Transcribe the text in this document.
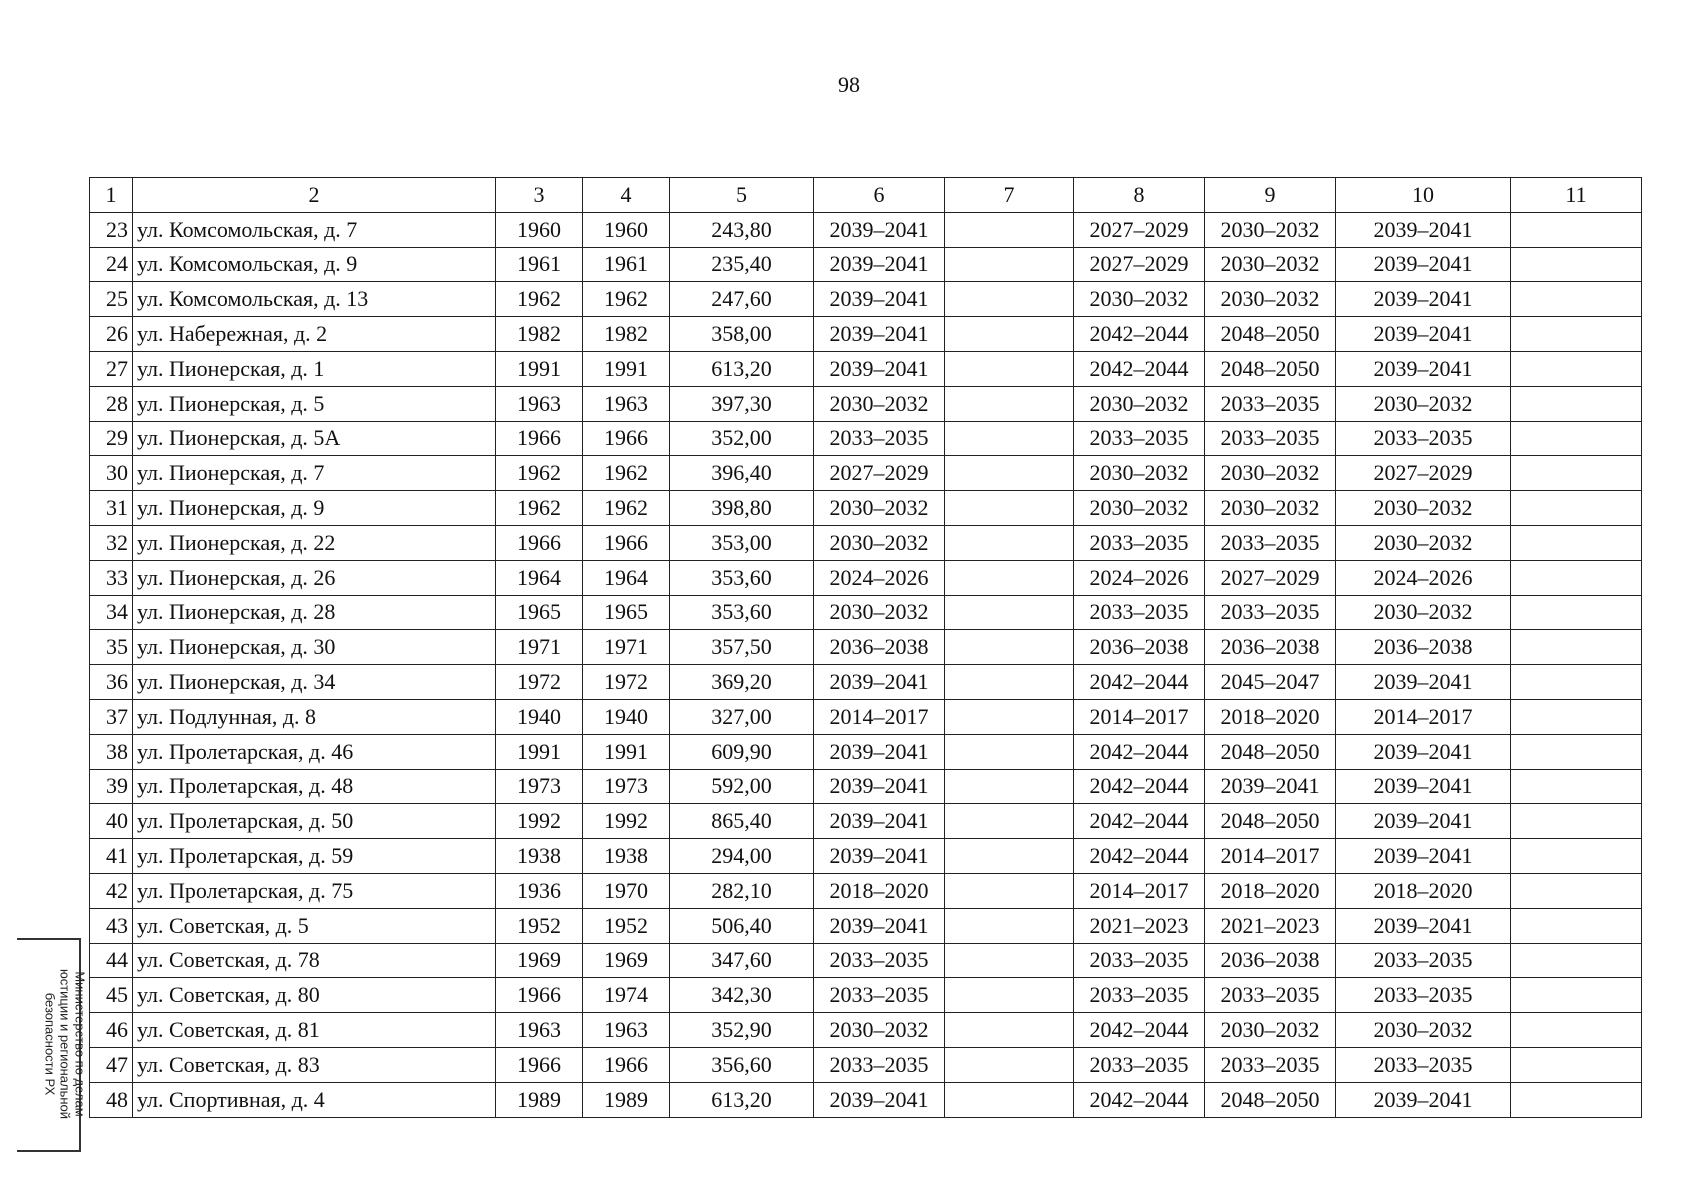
98
1	2	3	4	5	6	7	8	9	10	11
23	ул. Комсомольская, д. 7	1960	1960	243,80	2039–2041		2027–2029	2030–2032	2039–2041	
24	ул. Комсомольская, д. 9	1961	1961	235,40	2039–2041		2027–2029	2030–2032	2039–2041	
25	ул. Комсомольская, д. 13	1962	1962	247,60	2039–2041		2030–2032	2030–2032	2039–2041	
26	ул. Набережная, д. 2	1982	1982	358,00	2039–2041		2042–2044	2048–2050	2039–2041	
27	ул. Пионерская, д. 1	1991	1991	613,20	2039–2041		2042–2044	2048–2050	2039–2041	
28	ул. Пионерская, д. 5	1963	1963	397,30	2030–2032		2030–2032	2033–2035	2030–2032	
29	ул. Пионерская, д. 5А	1966	1966	352,00	2033–2035		2033–2035	2033–2035	2033–2035	
30	ул. Пионерская, д. 7	1962	1962	396,40	2027–2029		2030–2032	2030–2032	2027–2029	
31	ул. Пионерская, д. 9	1962	1962	398,80	2030–2032		2030–2032	2030–2032	2030–2032	
32	ул. Пионерская, д. 22	1966	1966	353,00	2030–2032		2033–2035	2033–2035	2030–2032	
33	ул. Пионерская, д. 26	1964	1964	353,60	2024–2026		2024–2026	2027–2029	2024–2026	
34	ул. Пионерская, д. 28	1965	1965	353,60	2030–2032		2033–2035	2033–2035	2030–2032	
35	ул. Пионерская, д. 30	1971	1971	357,50	2036–2038		2036–2038	2036–2038	2036–2038	
36	ул. Пионерская, д. 34	1972	1972	369,20	2039–2041		2042–2044	2045–2047	2039–2041	
37	ул. Подлунная, д. 8	1940	1940	327,00	2014–2017		2014–2017	2018–2020	2014–2017	
38	ул. Пролетарская, д. 46	1991	1991	609,90	2039–2041		2042–2044	2048–2050	2039–2041	
39	ул. Пролетарская, д. 48	1973	1973	592,00	2039–2041		2042–2044	2039–2041	2039–2041	
40	ул. Пролетарская, д. 50	1992	1992	865,40	2039–2041		2042–2044	2048–2050	2039–2041	
41	ул. Пролетарская, д. 59	1938	1938	294,00	2039–2041		2042–2044	2014–2017	2039–2041	
42	ул. Пролетарская, д. 75	1936	1970	282,10	2018–2020		2014–2017	2018–2020	2018–2020	
43	ул. Советская, д. 5	1952	1952	506,40	2039–2041		2021–2023	2021–2023	2039–2041	
44	ул. Советская, д. 78	1969	1969	347,60	2033–2035		2033–2035	2036–2038	2033–2035	
45	ул. Советская, д. 80	1966	1974	342,30	2033–2035		2033–2035	2033–2035	2033–2035	
46	ул. Советская, д. 81	1963	1963	352,90	2030–2032		2042–2044	2030–2032	2030–2032	
47	ул. Советская, д. 83	1966	1966	356,60	2033–2035		2033–2035	2033–2035	2033–2035	
48	ул. Спортивная, д. 4	1989	1989	613,20	2039–2041		2042–2044	2048–2050	2039–2041	
Министерство по делам
юстиции и региональной
безопасности РХ
